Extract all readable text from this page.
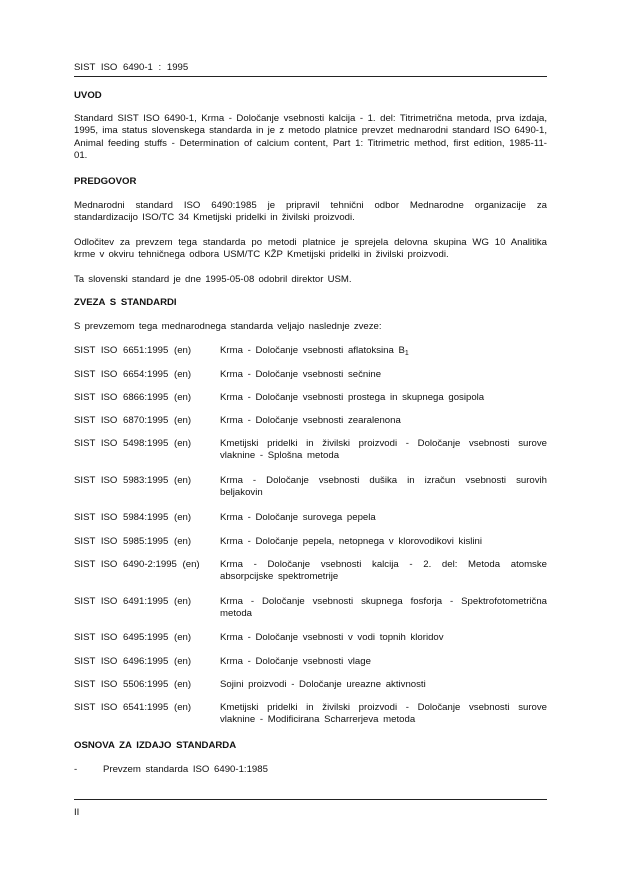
SIST ISO 6490-1 : 1995
UVOD
Standard SIST ISO 6490-1, Krma - Določanje vsebnosti kalcija - 1. del: Titrimetrična metoda, prva izdaja, 1995, ima status slovenskega standarda in je z metodo platnice prevzet mednarodni standard ISO 6490-1, Animal feeding stuffs - Determination of calcium content, Part 1: Titrimetric method, first edition, 1985-11-01.
PREDGOVOR
Mednarodni standard ISO 6490:1985 je pripravil tehnični odbor Mednarodne organizacije za standardizacijo ISO/TC 34 Kmetijski pridelki in živilski proizvodi.
Odločitev za prevzem tega standarda po metodi platnice je sprejela delovna skupina WG 10 Analitika krme v okviru tehničnega odbora USM/TC KŽP Kmetijski pridelki in živilski proizvodi.
Ta slovenski standard je dne 1995-05-08 odobril direktor USM.
ZVEZA S STANDARDI
S prevzemom tega mednarodnega standarda veljajo naslednje zveze:
SIST ISO 6651:1995 (en)	Krma - Določanje vsebnosti aflatoksina $B_1$
SIST ISO 6654:1995 (en)	Krma - Določanje vsebnosti sečnine
SIST ISO 6866:1995 (en)	Krma - Določanje vsebnosti prostega in skupnega gosipola
SIST ISO 6870:1995 (en)	Krma - Določanje vsebnosti zearalenona
SIST ISO 5498:1995 (en)	Kmetijski pridelki in živilski proizvodi - Določanje vsebnosti surove vlaknine - Splošna metoda
SIST ISO 5983:1995 (en)	Krma - Določanje vsebnosti dušika in izračun vsebnosti surovih beljakovin
SIST ISO 5984:1995 (en)	Krma - Določanje surovega pepela
SIST ISO 5985:1995 (en)	Krma - Določanje pepela, netopnega v klorovodikovi kislini
SIST ISO 6490-2:1995 (en)	Krma - Določanje vsebnosti kalcija - 2. del: Metoda atomske absorpcijske spektrometrije
SIST ISO 6491:1995 (en)	Krma - Določanje vsebnosti skupnega fosforja - Spektrofotometrična metoda
SIST ISO 6495:1995 (en)	Krma - Določanje vsebnosti v vodi topnih kloridov
SIST ISO 6496:1995 (en)	Krma - Določanje vsebnosti vlage
SIST ISO 5506:1995 (en)	Sojini proizvodi - Določanje ureazne aktivnosti
SIST ISO 6541:1995 (en)	Kmetijski pridelki in živilski proizvodi - Določanje vsebnosti surove vlaknine - Modificirana Scharrerjeva metoda
OSNOVA ZA IZDAJO STANDARDA
-	Prevzem standarda ISO 6490-1:1985
II
